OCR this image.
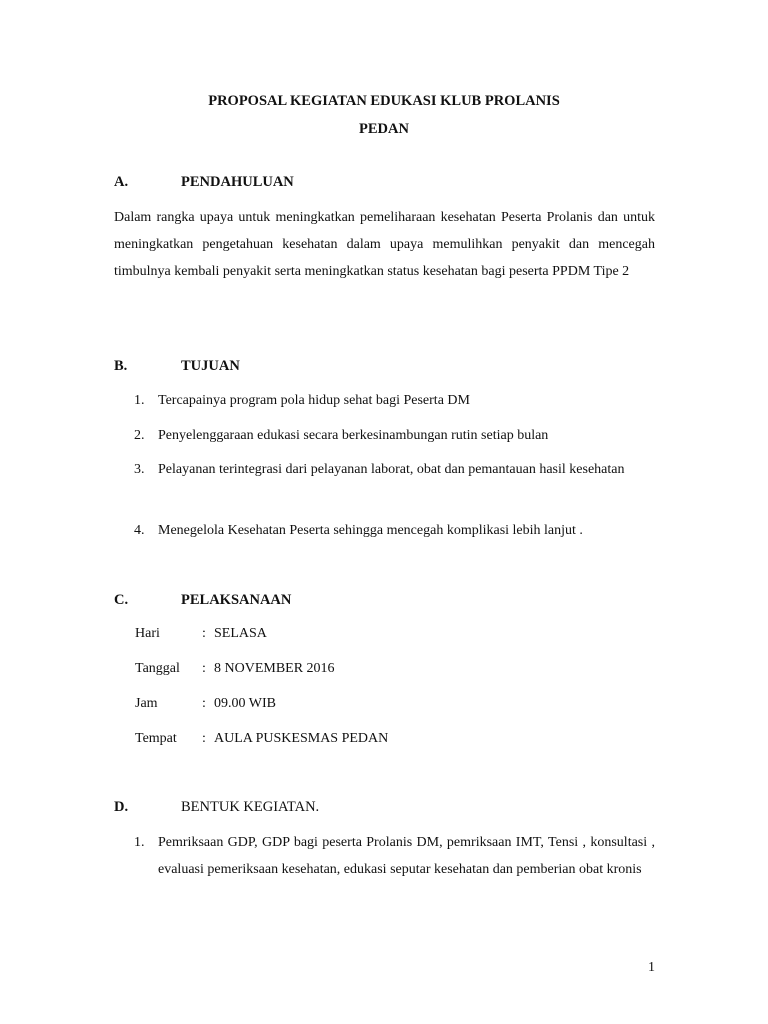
PROPOSAL KEGIATAN EDUKASI KLUB PROLANIS
PEDAN
A.	PENDAHULUAN
Dalam rangka upaya untuk meningkatkan pemeliharaan kesehatan Peserta Prolanis dan untuk meningkatkan pengetahuan kesehatan dalam upaya memulihkan penyakit dan mencegah timbulnya kembali penyakit serta meningkatkan status kesehatan bagi peserta PPDM Tipe 2
B.	TUJUAN
1. Tercapainya program pola hidup sehat bagi Peserta DM
2. Penyelenggaraan edukasi secara berkesinambungan rutin setiap bulan
3. Pelayanan terintegrasi dari pelayanan laborat, obat dan pemantauan hasil kesehatan
4. Menegelola Kesehatan Peserta sehingga mencegah komplikasi lebih lanjut .
C.	PELAKSANAAN
Hari	: SELASA
Tanggal : 8 NOVEMBER 2016
Jam	: 09.00 WIB
Tempat : AULA PUSKESMAS PEDAN
D.	BENTUK KEGIATAN.
1. Pemriksaan GDP, GDP bagi peserta Prolanis DM, pemriksaan IMT, Tensi , konsultasi , evaluasi pemeriksaan kesehatan, edukasi seputar kesehatan dan pemberian obat kronis
1
